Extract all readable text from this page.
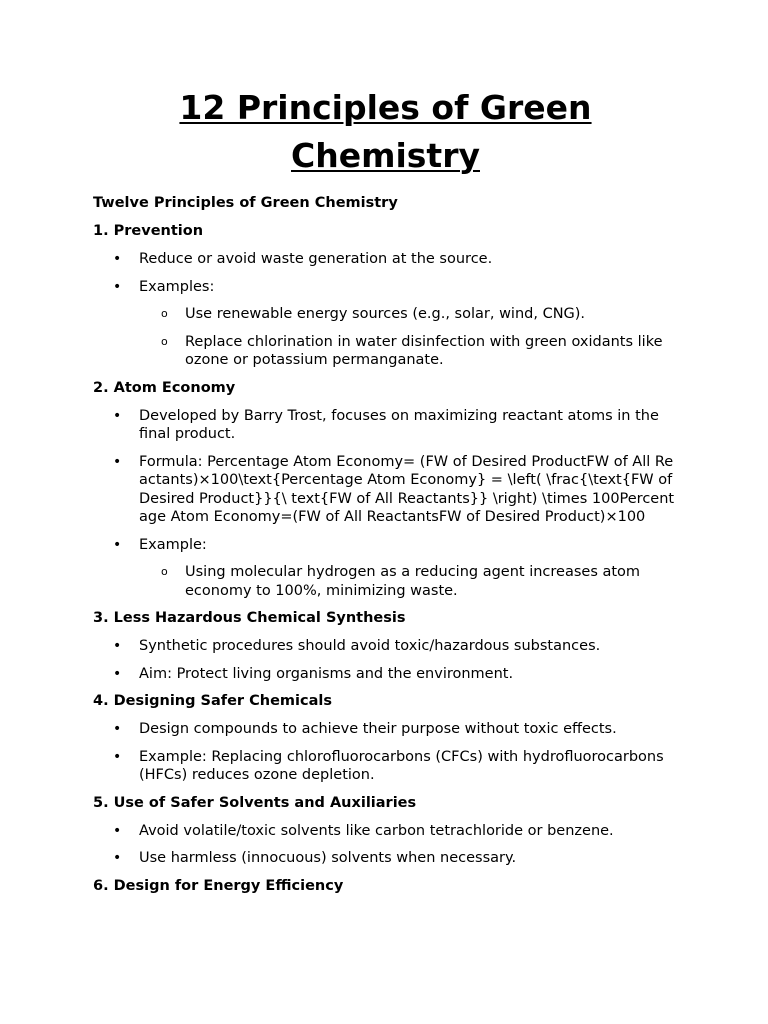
12 Principles of Green Chemistry
Twelve Principles of Green Chemistry
1. Prevention
• Reduce or avoid waste generation at the source.
• Examples:
o Use renewable energy sources (e.g., solar, wind, CNG).
o Replace chlorination in water disinfection with green oxidants like ozone or potassium permanganate.
2. Atom Economy
• Developed by Barry Trost, focuses on maximizing reactant atoms in the final product.
• Formula: Percentage Atom Economy= (FW of Desired ProductFW of All Reactants)×100\text{Percentage Atom Economy} = \left( \frac{\text{FW of Desired Product}}{\ text{FW of All Reactants}} \right) \times 100Percentage Atom Economy=(FW of All ReactantsFW of Desired Product)×100
• Example:
o Using molecular hydrogen as a reducing agent increases atom economy to 100%, minimizing waste.
3. Less Hazardous Chemical Synthesis
• Synthetic procedures should avoid toxic/hazardous substances.
• Aim: Protect living organisms and the environment.
4. Designing Safer Chemicals
• Design compounds to achieve their purpose without toxic effects.
• Example: Replacing chlorofluorocarbons (CFCs) with hydrofluorocarbons (HFCs) reduces ozone depletion.
5. Use of Safer Solvents and Auxiliaries
• Avoid volatile/toxic solvents like carbon tetrachloride or benzene.
• Use harmless (innocuous) solvents when necessary.
6. Design for Energy Efficiency
